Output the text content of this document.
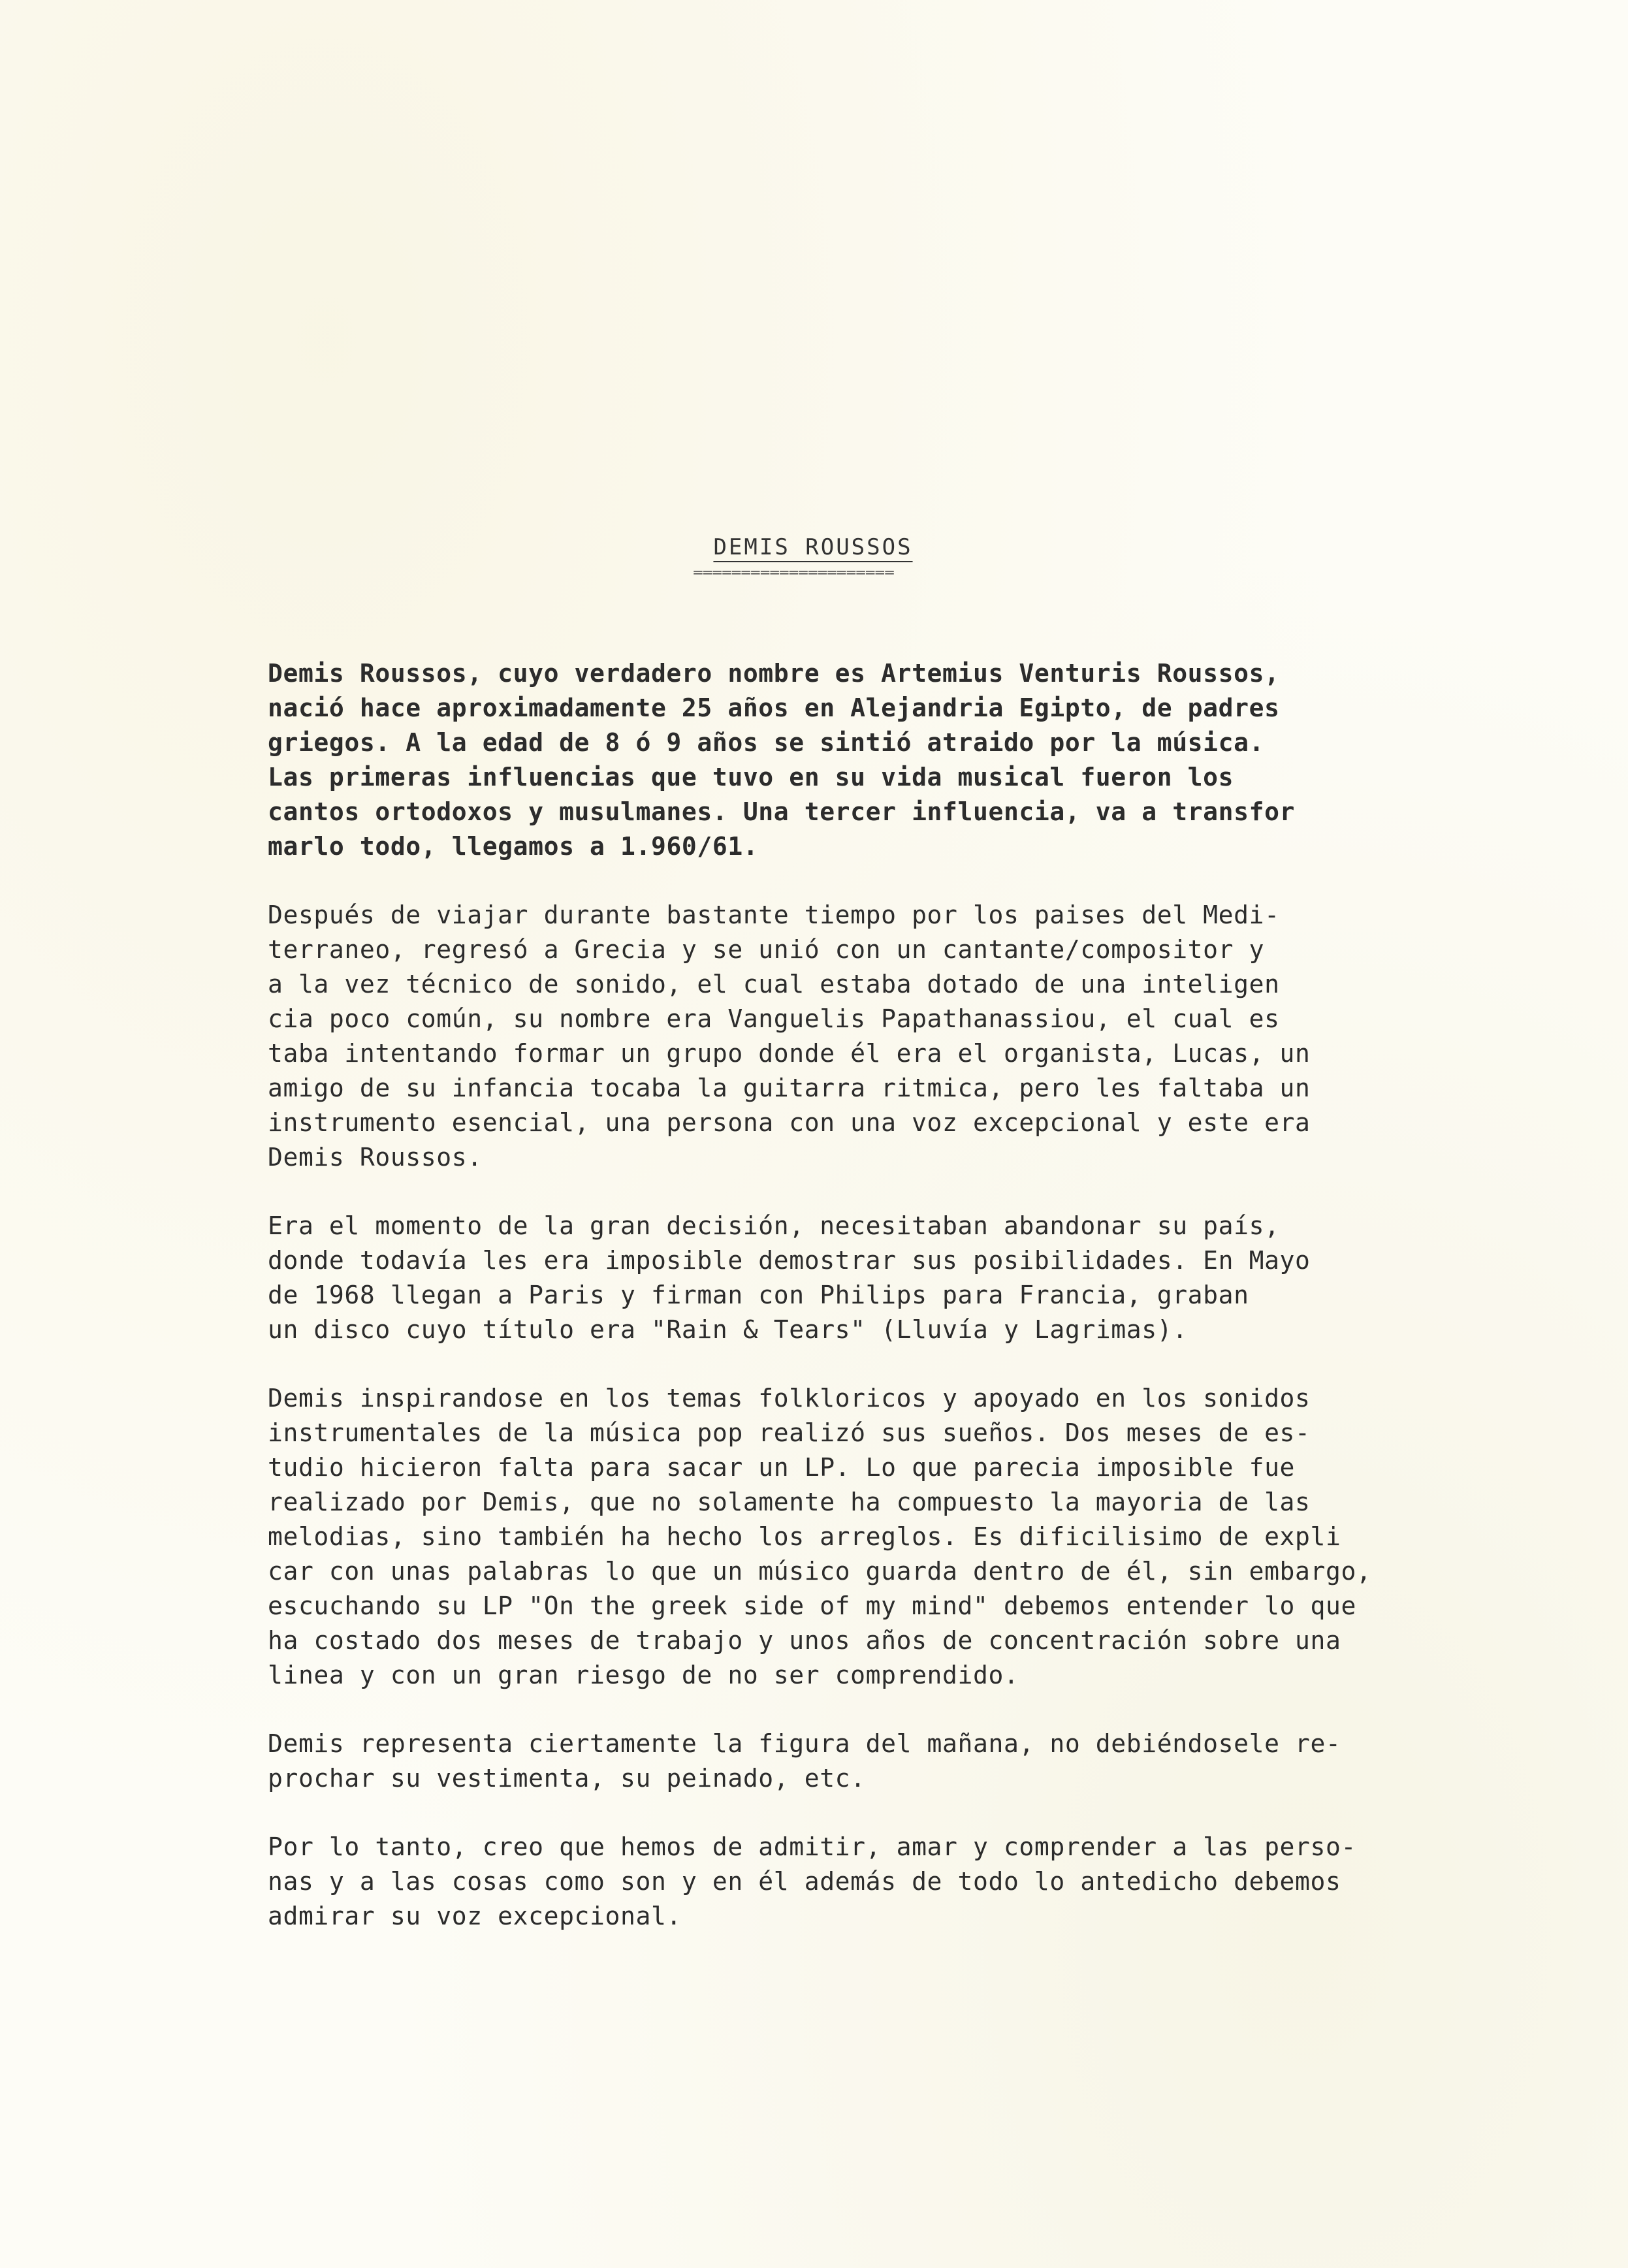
DEMIS ROUSSOS
=====================
Demis Roussos, cuyo verdadero nombre es Artemius Venturis Roussos,
nació hace aproximadamente 25 años en Alejandria Egipto, de padres
griegos. A la edad de 8 ó 9 años se sintió atraido por la música.
Las primeras influencias que tuvo en su vida musical fueron los
cantos ortodoxos y musulmanes. Una tercer influencia, va a transfor
marlo todo, llegamos a 1.960/61.
Después de viajar durante bastante tiempo por los paises del Medi-
terraneo, regresó a Grecia y se unió con un cantante/compositor y
a la vez técnico de sonido, el cual estaba dotado de una inteligen
cia poco común, su nombre era Vanguelis Papathanassiou, el cual es
taba intentando formar un grupo donde él era el organista, Lucas, un
amigo de su infancia tocaba la guitarra ritmica, pero les faltaba un
instrumento esencial, una persona con una voz excepcional y este era
Demis Roussos.
Era el momento de la gran decisión, necesitaban abandonar su país,
donde todavía les era imposible demostrar sus posibilidades. En Mayo
de 1968 llegan a Paris y firman con Philips para Francia, graban
un disco cuyo título era "Rain & Tears" (Lluvía y Lagrimas).
Demis inspirandose en los temas folkloricos y apoyado en los sonidos
instrumentales de la música pop realizó sus sueños. Dos meses de es-
tudio hicieron falta para sacar un LP. Lo que parecia imposible fue
realizado por Demis, que no solamente ha compuesto la mayoria de las
melodias, sino también ha hecho los arreglos. Es dificilisimo de expli
car con unas palabras lo que un músico guarda dentro de él, sin embargo,
escuchando su LP "On the greek side of my mind" debemos entender lo que
ha costado dos meses de trabajo y unos años de concentración sobre una
linea y con un gran riesgo de no ser comprendido.
Demis representa ciertamente la figura del mañana, no debiéndosele re-
prochar su vestimenta, su peinado, etc.
Por lo tanto, creo que hemos de admitir, amar y comprender a las perso-
nas y a las cosas como son y en él además de todo lo antedicho debemos
admirar su voz excepcional.
